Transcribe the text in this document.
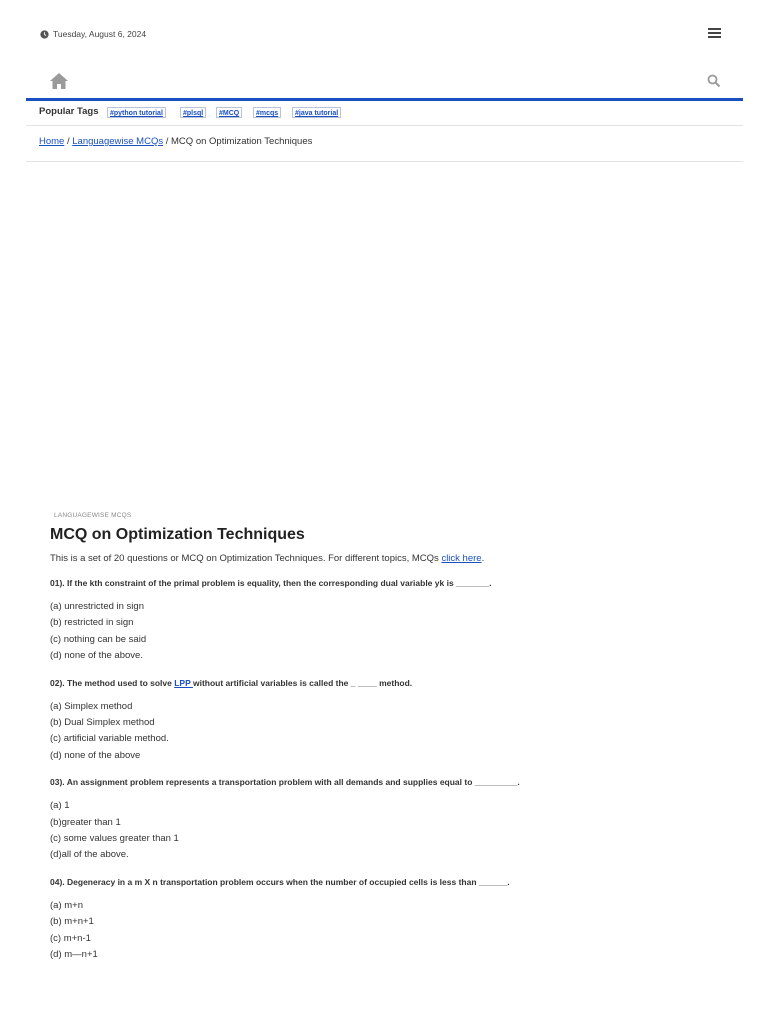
Tuesday, August 6, 2024
Popular Tags	#python tutorial	#plsql	#MCQ	#mcqs	#java tutorial
Home / Languagewise MCQs / MCQ on Optimization Techniques
LANGUAGEWISE MCQS
MCQ on Optimization Techniques
This is a set of 20 questions or MCQ on Optimization Techniques. For different topics, MCQs click here.
01). If the kth constraint of the primal problem is equality, then the corresponding dual variable yk is _______.
(a) unrestricted in sign
(b) restricted in sign
(c) nothing can be said
(d) none of the above.
02). The method used to solve LPP without artificial variables is called the _ ____ method.
(a) Simplex method
(b) Dual Simplex method
(c) artificial variable method.
(d) none of the above
03). An assignment problem represents a transportation problem with all demands and supplies equal to _________.
(a) 1
(b)greater than 1
(c) some values greater than 1
(d)all of the above.
04). Degeneracy in a m X n transportation problem occurs when the number of occupied cells is less than ______.
(a) m+n
(b) m+n+1
(c) m+n-1
(d) m—n+1
